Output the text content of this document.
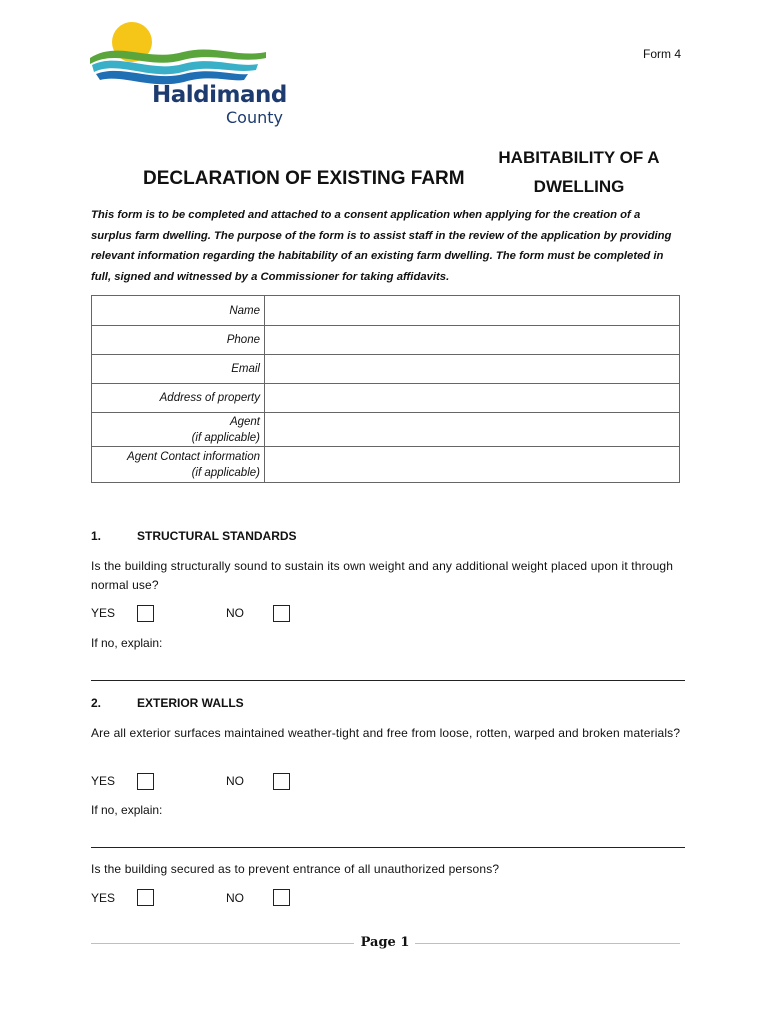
Haldimand
County
Form 4
DECLARATION OF EXISTING FARM
HABITABILITY OF A DWELLING
This form is to be completed and attached to a consent application when applying for the creation of a surplus farm dwelling. The purpose of the form is to assist staff in the review of the application by providing relevant information regarding the habitability of an existing farm dwelling. The form must be completed in full, signed and witnessed by a Commissioner for taking affidavits.
Name	
Phone	
Email	
Address of property	

Agent
(if applicable)	

Agent Contact information
(if applicable)	

1.	STRUCTURAL STANDARDS
Is the building structurally sound to sustain its own weight and any additional weight placed upon it through normal use?
YES	NO
If no, explain:
2.	EXTERIOR WALLS
Are all exterior surfaces maintained weather-tight and free from loose, rotten, warped and broken materials?
YES	NO
If no, explain:
Is the building secured as to prevent entrance of all unauthorized persons?
YES	NO
Page 1
